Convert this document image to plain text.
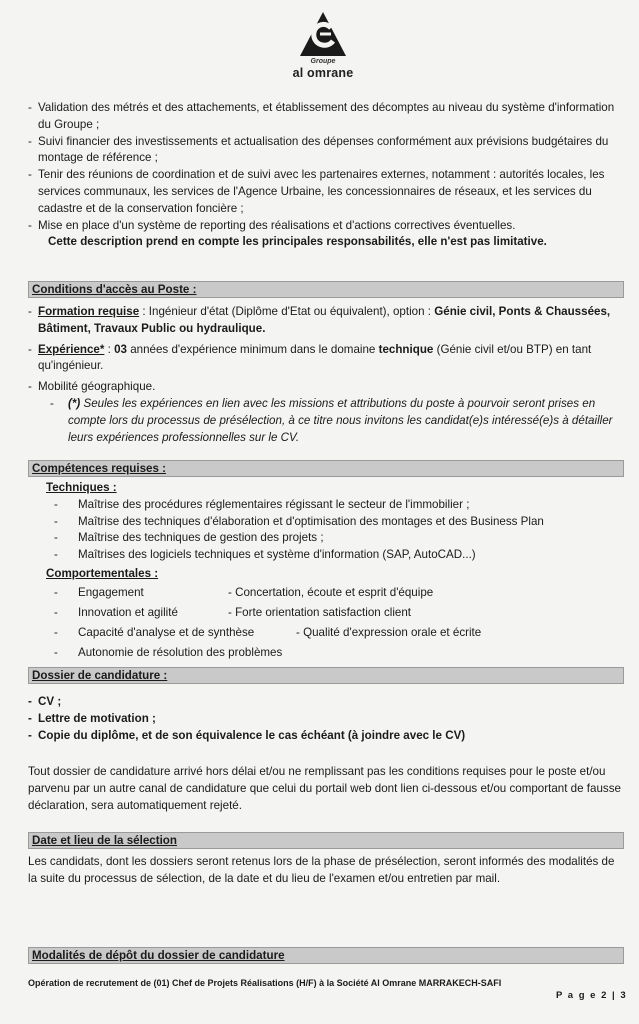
Groupe
al omrane
- Validation des métrés et des attachements, et établissement des décomptes au niveau du système d'information du Groupe ;
- Suivi financier des investissements et actualisation des dépenses conformément aux prévisions budgétaires du montage de référence ;
- Tenir des réunions de coordination et de suivi avec les partenaires externes, notamment : autorités locales, les services communaux, les services de l'Agence Urbaine, les concessionnaires de réseaux, et les services du cadastre et de la conservation foncière ;
- Mise en place d'un système de reporting des réalisations et d'actions correctives éventuelles.
Cette description prend en compte les principales responsabilités, elle n'est pas limitative.
Conditions d'accès au Poste :
- Formation requise : Ingénieur d'état (Diplôme d'Etat ou équivalent), option : Génie civil, Ponts & Chaussées, Bâtiment, Travaux Public ou hydraulique.
- Expérience* : 03 années d'expérience minimum dans le domaine technique (Génie civil et/ou BTP) en tant qu'ingénieur.
- Mobilité géographique.
- (*) Seules les expériences en lien avec les missions et attributions du poste à pourvoir seront prises en compte lors du processus de présélection, à ce titre nous invitons les candidat(e)s intéressé(e)s à détailler leurs expériences professionnelles sur le CV.
Compétences requises :
Techniques :
- Maîtrise des procédures réglementaires régissant le secteur de l'immobilier ;
- Maîtrise des techniques d'élaboration et d'optimisation des montages et des Business Plan
- Maîtrise des techniques de gestion des projets ;
- Maîtrises des logiciels techniques et système d'information (SAP, AutoCAD...)
Comportementales :
- Engagement	- Concertation, écoute et esprit d'équipe
- Innovation et agilité	- Forte orientation satisfaction client
- Capacité d'analyse et de synthèse	- Qualité d'expression orale et écrite
- Autonomie de résolution des problèmes
Dossier de candidature :
- CV ;
- Lettre de motivation ;
- Copie du diplôme, et de son équivalence le cas échéant (à joindre avec le CV)
Tout dossier de candidature arrivé hors délai et/ou ne remplissant pas les conditions requises pour le poste et/ou parvenu par un autre canal de candidature que celui du portail web dont lien ci-dessous et/ou comportant de fausse déclaration, sera automatiquement rejeté.
Date et lieu de la sélection
Les candidats, dont les dossiers seront retenus lors de la phase de présélection, seront informés des modalités de la suite du processus de sélection, de la date et du lieu de l'examen et/ou entretien par mail.
Modalités de dépôt du dossier de candidature
Opération de recrutement de (01) Chef de Projets Réalisations (H/F) à la Société Al Omrane MARRAKECH-SAFI
P a g e 2 | 3
